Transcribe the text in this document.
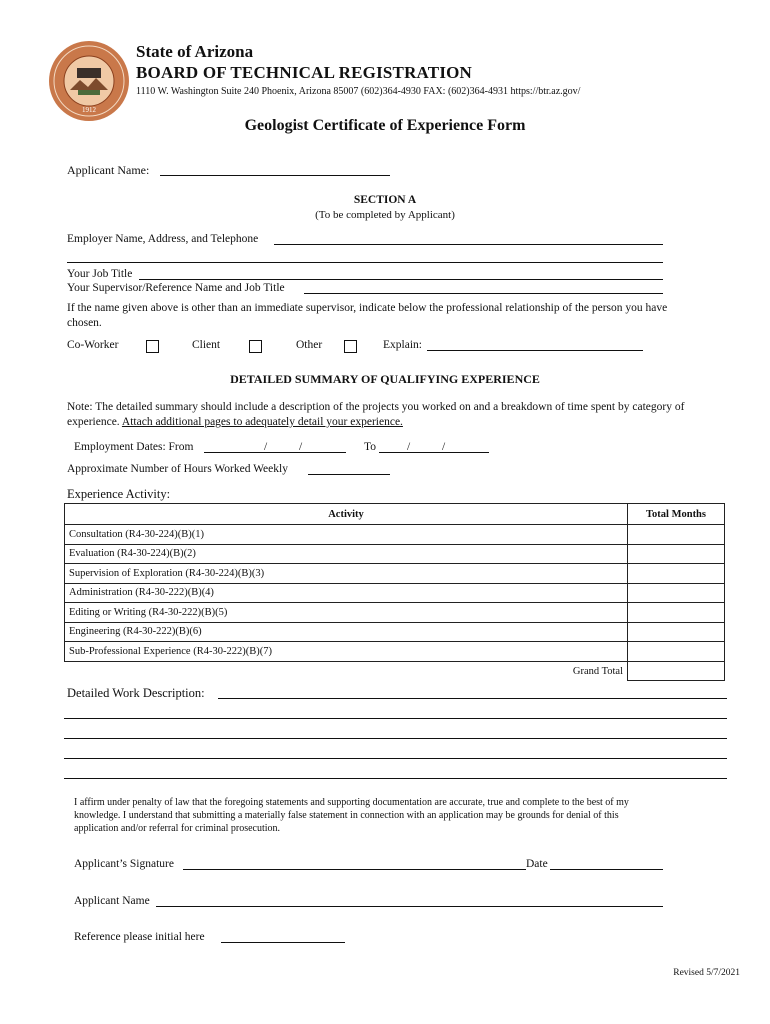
1912
State of Arizona
BOARD OF TECHNICAL REGISTRATION
1110 W. Washington Suite 240 Phoenix, Arizona 85007 (602)364-4930 FAX: (602)364-4931 https://btr.az.gov/
Geologist Certificate of Experience Form
Applicant Name:
SECTION A
(To be completed by Applicant)
Employer Name, Address, and Telephone
Your Job Title
Your Supervisor/Reference Name and Job Title
If the name given above is other than an immediate supervisor, indicate below the professional relationship of the person you have chosen.
Co-Worker	Client	Other	Explain:
DETAILED SUMMARY OF QUALIFYING EXPERIENCE
Note: The detailed summary should include a description of the projects you worked on and a breakdown of time spent by category of experience. Attach additional pages to adequately detail your experience.
Employment Dates: From	/	/	To	/	/
Approximate Number of Hours Worked Weekly
Experience Activity:
Activity	Total Months
Consultation (R4-30-224)(B)(1)	
Evaluation (R4-30-224)(B)(2)	
Supervision of Exploration (R4-30-224)(B)(3)	
Administration (R4-30-222)(B)(4)	
Editing or Writing (R4-30-222)(B)(5)	
Engineering (R4-30-222)(B)(6)	
Sub-Professional Experience (R4-30-222)(B)(7)	
Grand Total	
Detailed Work Description:
I affirm under penalty of law that the foregoing statements and supporting documentation are accurate, true and complete to the best of my knowledge. I understand that submitting a materially false statement in connection with an application may be grounds for denial of this application and/or referral for criminal prosecution.
Applicant’s Signature	Date
Applicant Name
Reference please initial here
Revised 5/7/2021
